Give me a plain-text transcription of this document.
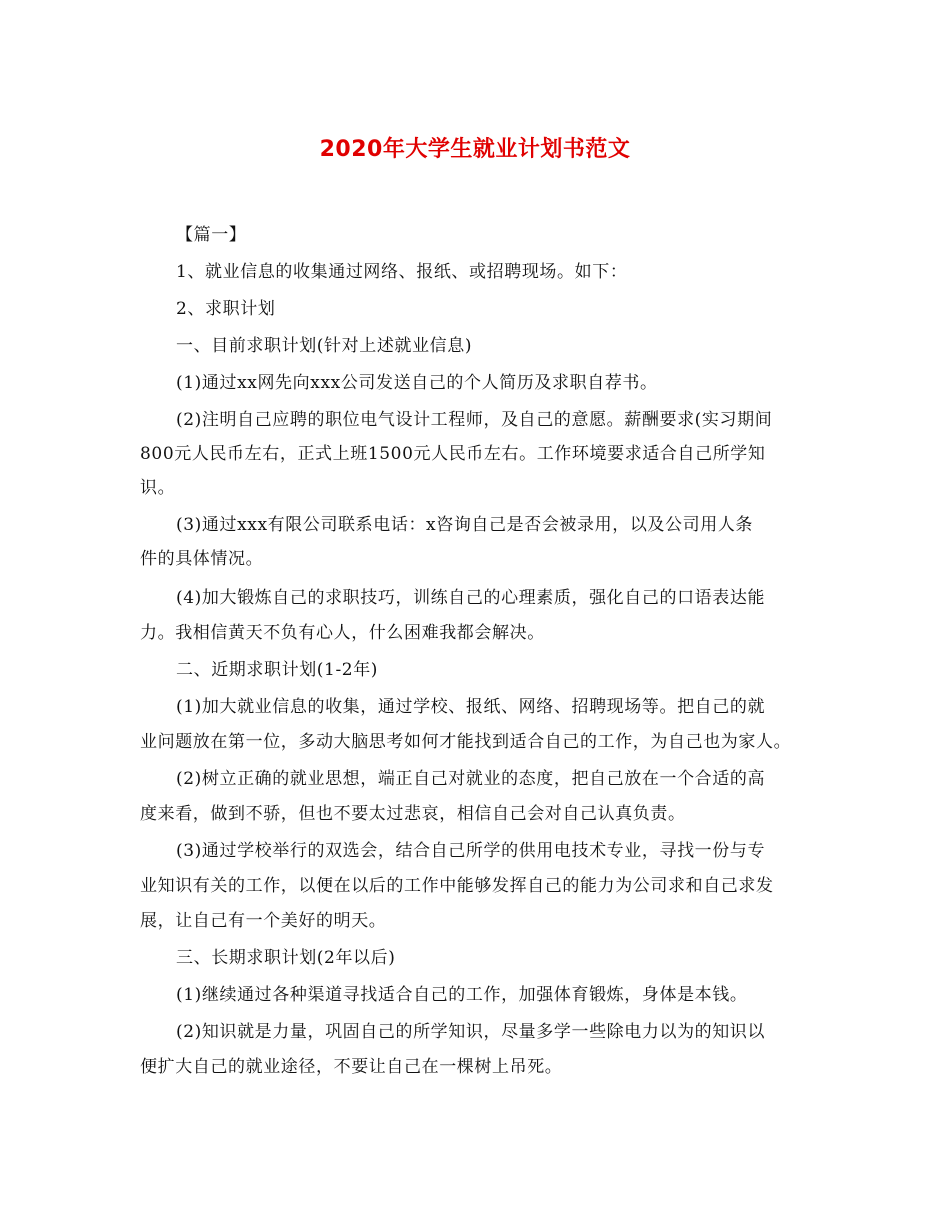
2020年大学生就业计划书范文
【篇一】
1、就业信息的收集通过网络、报纸、或招聘现场。如下：
2、求职计划
一、目前求职计划(针对上述就业信息)
(1)通过xx网先向xxx公司发送自己的个人简历及求职自荐书。
(2)注明自己应聘的职位电气设计工程师，及自己的意愿。薪酬要求(实习期间
800元人民币左右，正式上班1500元人民币左右。工作环境要求适合自己所学知
识。
(3)通过xxx有限公司联系电话：x咨询自己是否会被录用，以及公司用人条
件的具体情况。
(4)加大锻炼自己的求职技巧，训练自己的心理素质，强化自己的口语表达能
力。我相信黄天不负有心人，什么困难我都会解决。
二、近期求职计划(1-2年)
(1)加大就业信息的收集，通过学校、报纸、网络、招聘现场等。把自己的就
业问题放在第一位，多动大脑思考如何才能找到适合自己的工作，为自己也为家人。
(2)树立正确的就业思想，端正自己对就业的态度，把自己放在一个合适的高
度来看，做到不骄，但也不要太过悲哀，相信自己会对自己认真负责。
(3)通过学校举行的双选会，结合自己所学的供用电技术专业，寻找一份与专
业知识有关的工作，以便在以后的工作中能够发挥自己的能力为公司求和自己求发
展，让自己有一个美好的明天。
三、长期求职计划(2年以后)
(1)继续通过各种渠道寻找适合自己的工作，加强体育锻炼，身体是本钱。
(2)知识就是力量，巩固自己的所学知识，尽量多学一些除电力以为的知识以
便扩大自己的就业途径，不要让自己在一棵树上吊死。
